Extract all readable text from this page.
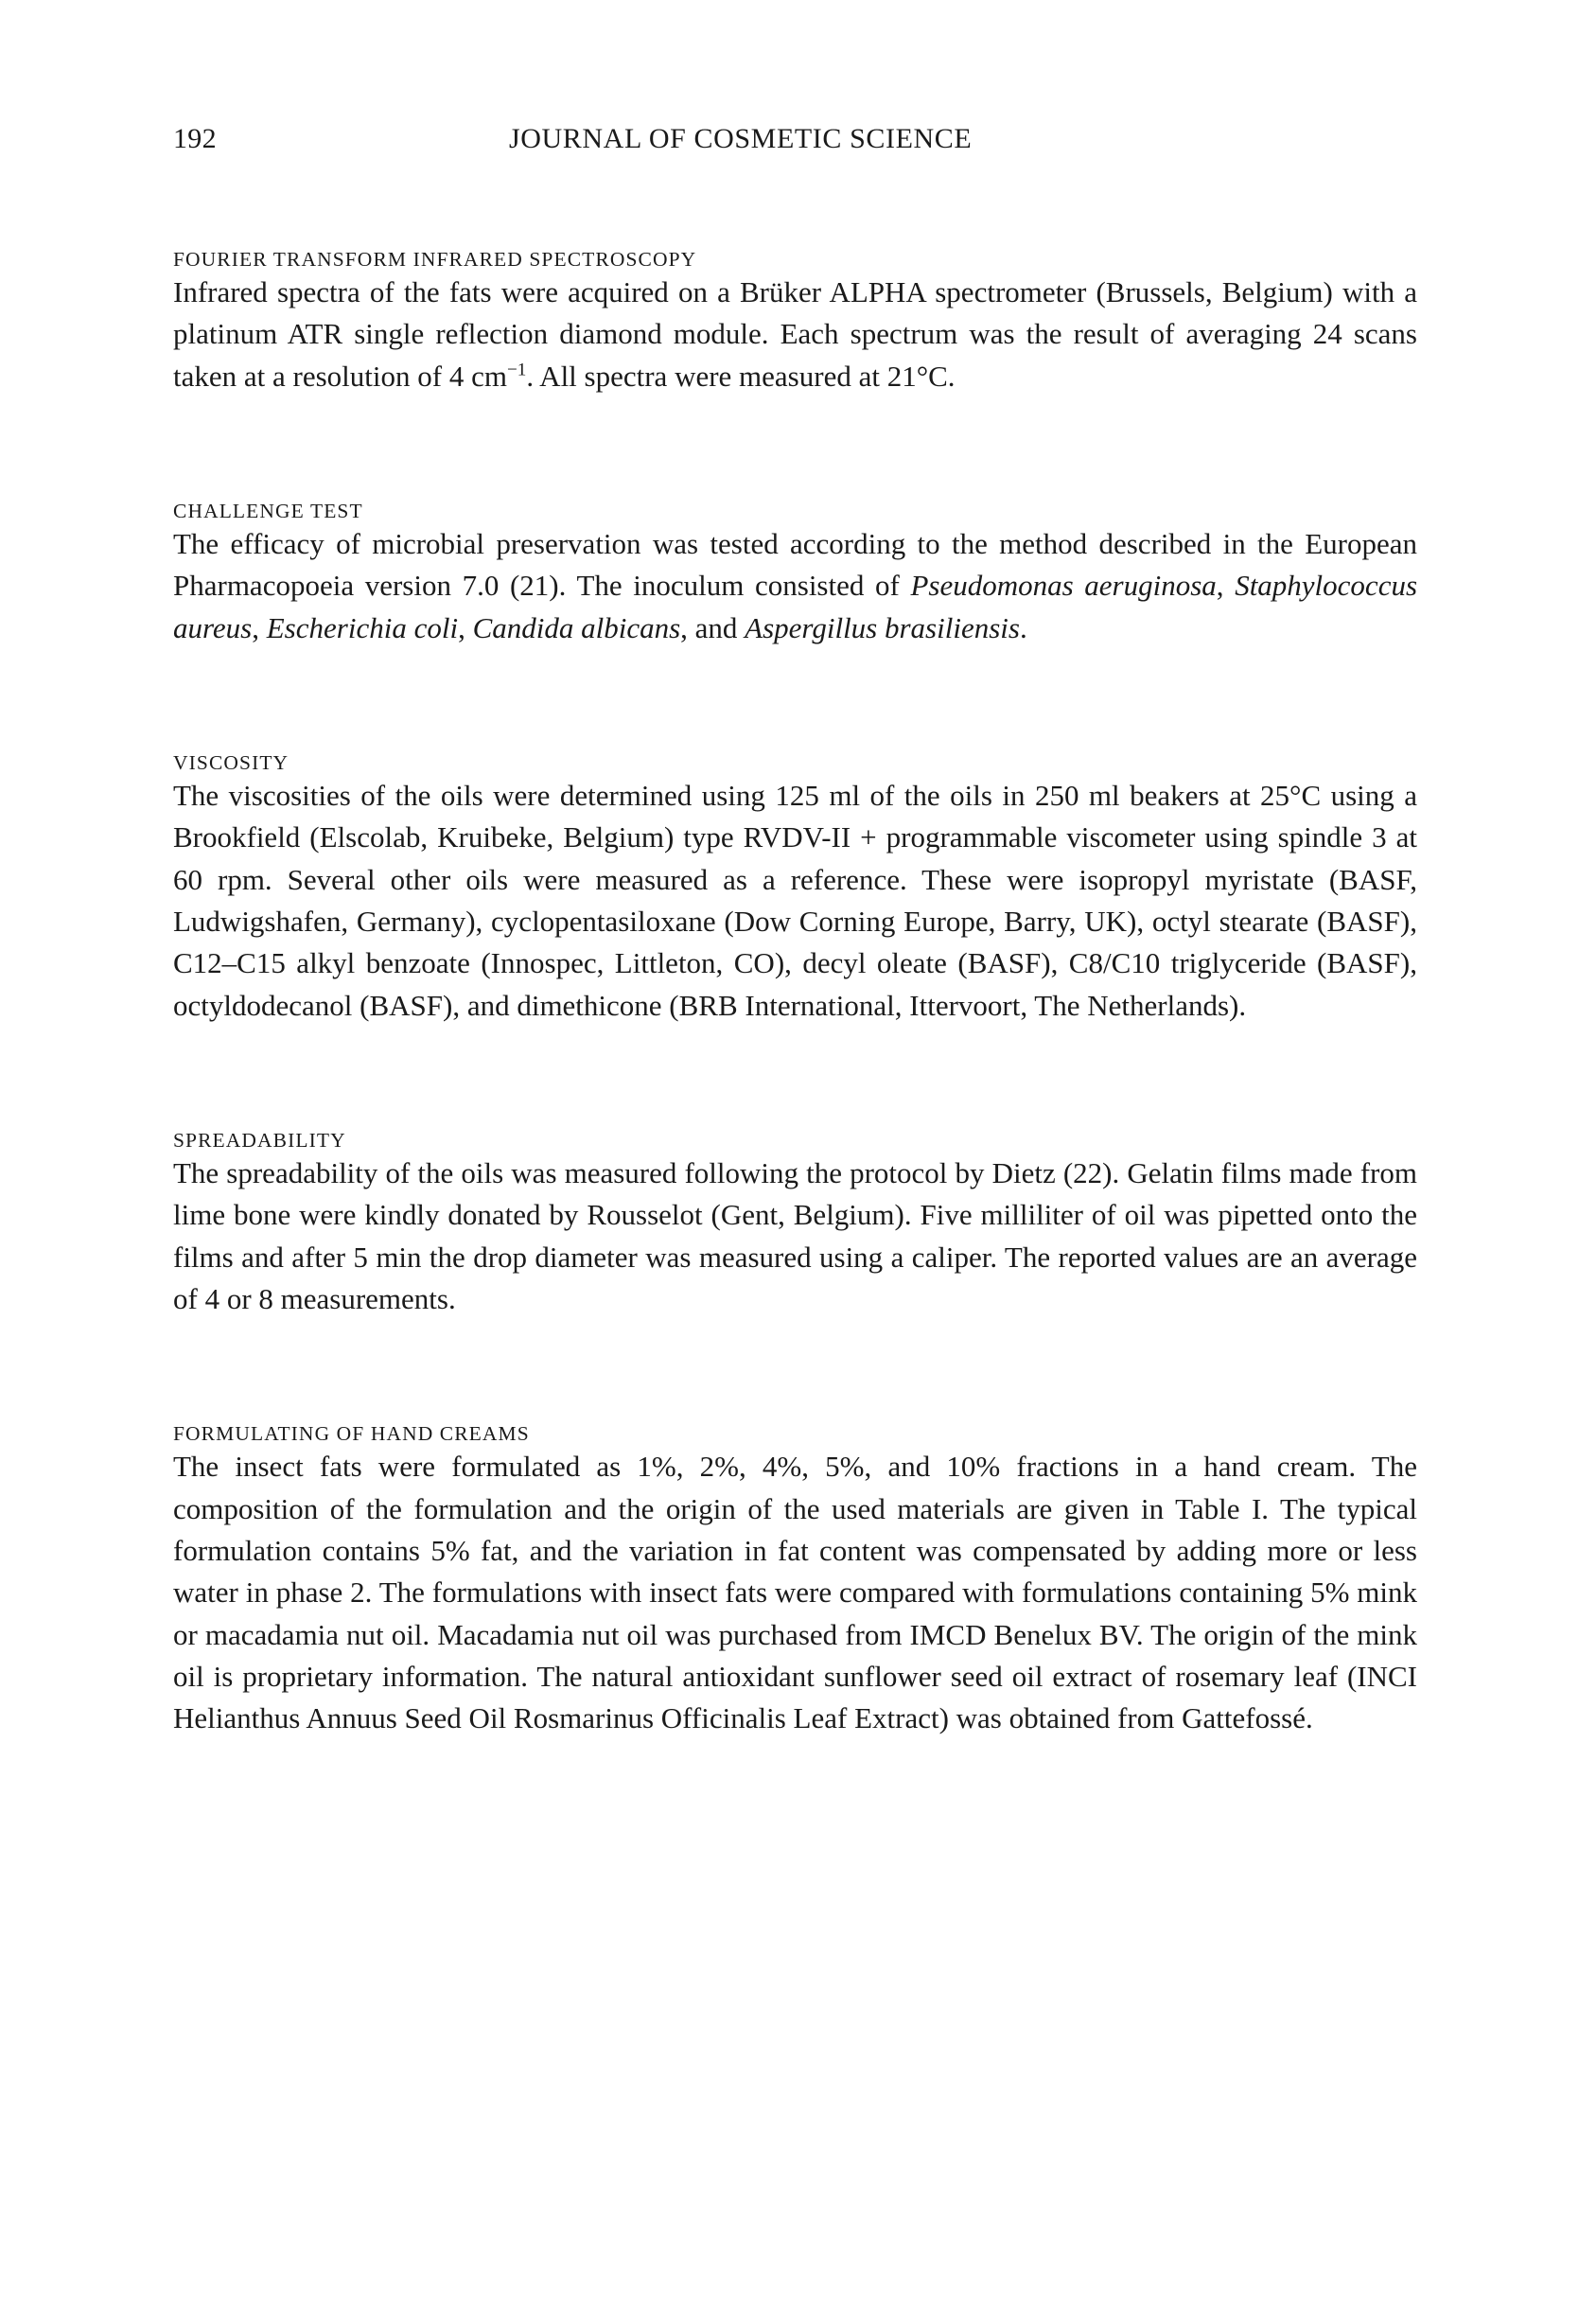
192	JOURNAL OF COSMETIC SCIENCE
FOURIER TRANSFORM INFRARED SPECTROSCOPY

Infrared spectra of the fats were acquired on a Brüker ALPHA spectrometer (Brussels, Belgium) with a platinum ATR single reflection diamond module. Each spectrum was the result of averaging 24 scans taken at a resolution of 4 $cm^{-1}$. All spectra were measured at 21°C.

CHALLENGE TEST

The efficacy of microbial preservation was tested according to the method described in the European Pharmacopoeia version 7.0 (21). The inoculum consisted of Pseudomonas aeruginosa, Staphylococcus aureus, Escherichia coli, Candida albicans, and Aspergillus brasiliensis.

VISCOSITY

The viscosities of the oils were determined using 125 ml of the oils in 250 ml beakers at 25°C using a Brookfield (Elscolab, Kruibeke, Belgium) type RVDV-II + programmable viscometer using spindle 3 at 60 rpm. Several other oils were measured as a reference. These were isopropyl myristate (BASF, Ludwigshafen, Germany), cyclopentasiloxane (Dow Corning Europe, Barry, UK), octyl stearate (BASF), C12–C15 alkyl benzoate (Innospec, Littleton, CO), decyl oleate (BASF), C8/C10 triglyceride (BASF), octyldodecanol (BASF), and dimethicone (BRB International, Ittervoort, The Netherlands).

SPREADABILITY

The spreadability of the oils was measured following the protocol by Dietz (22). Gelatin films made from lime bone were kindly donated by Rousselot (Gent, Belgium). Five milliliter of oil was pipetted onto the films and after 5 min the drop diameter was measured using a caliper. The reported values are an average of 4 or 8 measurements.

FORMULATING OF HAND CREAMS

The insect fats were formulated as 1%, 2%, 4%, 5%, and 10% fractions in a hand cream. The composition of the formulation and the origin of the used materials are given in Table I. The typical formulation contains 5% fat, and the variation in fat content was compensated by adding more or less water in phase 2. The formulations with insect fats were compared with formulations containing 5% mink or macadamia nut oil. Macadamia nut oil was purchased from IMCD Benelux BV. The origin of the mink oil is proprietary information. The natural antioxidant sunflower seed oil extract of rosemary leaf (INCI Helianthus Annuus Seed Oil Rosmarinus Officinalis Leaf Extract) was obtained from Gattefossé.
